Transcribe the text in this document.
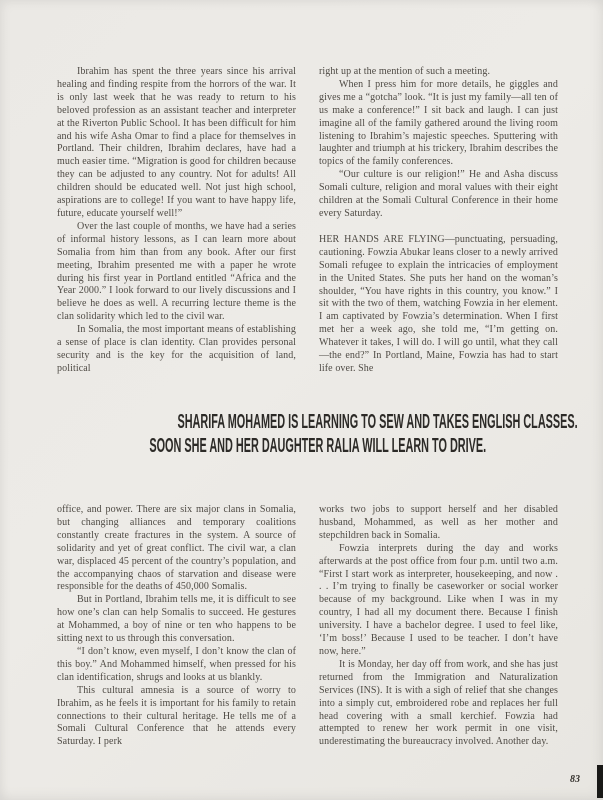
Ibrahim has spent the three years since his arrival healing and finding respite from the horrors of the war. It is only last week that he was ready to return to his beloved profession as an assistant teacher and interpreter at the Riverton Public School. It has been difficult for him and his wife Asha Omar to find a place for themselves in Portland. Their children, Ibrahim declares, have had a much easier time. “Migration is good for children because they can be adjusted to any country. Not for adults! All children should be educated well. Not just high school, aspirations are to college! If you want to have happy life, future, educate yourself well!”

Over the last couple of months, we have had a series of informal history lessons, as I can learn more about Somalia from him than from any book. After our first meeting, Ibrahim presented me with a paper he wrote during his first year in Portland entitled “Africa and the Year 2000.” I look forward to our lively discussions and I believe he does as well. A recurring lecture theme is the clan solidarity which led to the civil war.

In Somalia, the most important means of establishing a sense of place is clan identity. Clan provides personal security and is the key for the acquisition of land, political

right up at the mention of such a meeting.

When I press him for more details, he giggles and gives me a “gotcha” look. “It is just my family—all ten of us make a conference!” I sit back and laugh. I can just imagine all of the family gathered around the living room listening to Ibrahim’s majestic speeches. Sputtering with laughter and triumph at his trickery, Ibrahim describes the topics of the family conferences.

“Our culture is our religion!” He and Asha discuss Somali culture, religion and moral values with their eight children at the Somali Cultural Conference in their home every Saturday.

HER HANDS ARE FLYING—punctuating, persuading, cautioning. Fowzia Abukar leans closer to a newly arrived Somali refugee to explain the intricacies of employment in the United States. She puts her hand on the woman’s shoulder, “You have rights in this country, you know.” I sit with the two of them, watching Fowzia in her element. I am captivated by Fowzia’s determination. When I first met her a week ago, she told me, “I’m getting on. Whatever it takes, I will do. I will go until, what they call—the end?” In Portland, Maine, Fowzia has had to start life over. She

SHARIFA MOHAMED IS LEARNING TO SEW AND TAKES ENGLISH CLASSES.
SOON SHE AND HER DAUGHTER RALIA WILL LEARN TO DRIVE.

office, and power. There are six major clans in Somalia, but changing alliances and temporary coalitions constantly create fractures in the system. A source of solidarity and yet of great conflict. The civil war, a clan war, displaced 45 percent of the country’s population, and the accompanying chaos of starvation and disease were responsible for the deaths of 450,000 Somalis.

But in Portland, Ibrahim tells me, it is difficult to see how one’s clan can help Somalis to succeed. He gestures at Mohammed, a boy of nine or ten who happens to be sitting next to us through this conversation.

“I don’t know, even myself, I don’t know the clan of this boy.” And Mohammed himself, when pressed for his clan identification, shrugs and looks at us blankly.

This cultural amnesia is a source of worry to Ibrahim, as he feels it is important for his family to retain connections to their cultural heritage. He tells me of a Somali Cultural Conference that he attends every Saturday. I perk

works two jobs to support herself and her disabled husband, Mohammed, as well as her mother and stepchildren back in Somalia.

Fowzia interprets during the day and works afterwards at the post office from four p.m. until two a.m. “First I start work as interpreter, housekeeping, and now . . . I’m trying to finally be caseworker or social worker because of my background. Like when I was in my country, I had all my document there. Because I finish university. I have a bachelor degree. I used to feel like, ‘I’m boss!’ Because I used to be teacher. I don’t have now, here.”

It is Monday, her day off from work, and she has just returned from the Immigration and Naturalization Services (INS). It is with a sigh of relief that she changes into a simply cut, embroidered robe and replaces her full head covering with a small kerchief. Fowzia had attempted to renew her work permit in one visit, underestimating the bureaucracy involved. Another day.

83
